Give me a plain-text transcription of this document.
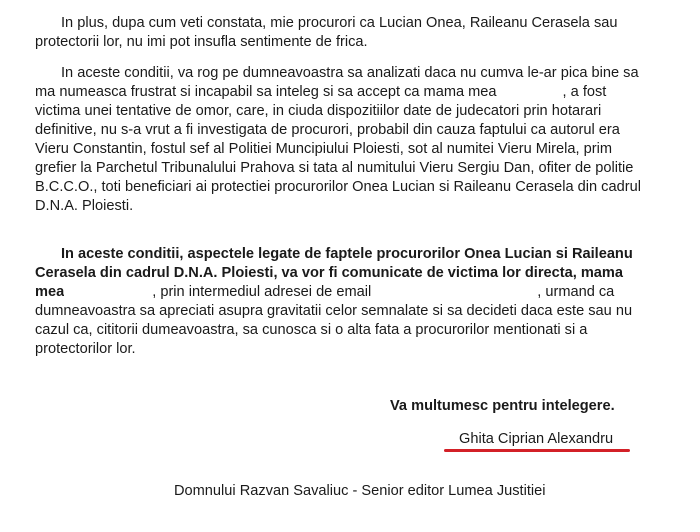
In plus, dupa cum veti constata, mie procurori ca Lucian Onea, Raileanu Cerasela sau
protectorii lor, nu imi pot insufla sentimente de frica.

In aceste conditii, va rog pe dumneavoastra sa analizati daca nu cumva le-ar pica bine sa
ma numeasca frustrat si incapabil sa inteleg si sa accept ca mama mea	, a fost
victima unei tentative de omor, care, in ciuda dispozitiilor date de judecatori prin hotarari
definitive, nu s-a vrut a fi investigata de procurori, probabil din cauza faptului ca autorul era
Vieru Constantin, fostul sef al Politiei Muncipiului Ploiesti, sot al numitei Vieru Mirela, prim
grefier la Parchetul Tribunalului Prahova si tata al numitului Vieru Sergiu Dan, ofiter de politie
B.C.C.O., toti beneficiari ai protectiei procurorilor Onea Lucian si Raileanu Cerasela din cadrul
D.N.A. Ploiesti.

In aceste conditii, aspectele legate de faptele procurorilor Onea Lucian si Raileanu
Cerasela din cadrul D.N.A. Ploiesti, va vor fi comunicate de victima lor directa, mama
mea	, prin intermediul adresei de email	, urmand ca
dumneavoastra sa apreciati asupra gravitatii celor semnalate si sa decideti daca este sau nu
cazul ca, cititorii dumeavoastra, sa cunosca si o alta fata a procurorilor mentionati si a
protectorilor lor.

Va multumesc pentru intelegere.
Ghita Ciprian Alexandru
Domnului Razvan Savaliuc - Senior editor Lumea Justitiei
